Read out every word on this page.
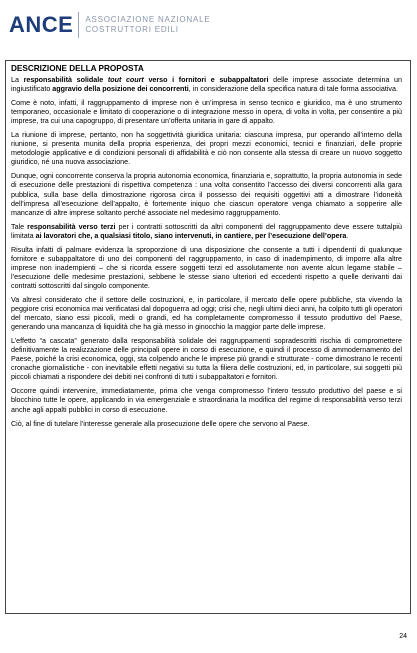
ANCE ASSOCIAZIONE NAZIONALE
COSTRUTTORI EDILI
DESCRIZIONE DELLA PROPOSTA

La responsabilità solidale tout court verso i fornitori e subappaltatori delle imprese associate determina un ingiustificato aggravio della posizione dei concorrenti, in considerazione della specifica natura di tale forma associativa.

Come è noto, infatti, il raggruppamento di imprese non è un’impresa in senso tecnico e giuridico, ma è uno strumento temporaneo, occasionale e limitato di cooperazione o di integrazione messo in opera, di volta in volta, per consentire a più imprese, tra cui una capogruppo, di presentare un’offerta unitaria in gare di appalto.

La riunione di imprese, pertanto, non ha soggettività giuridica unitaria: ciascuna impresa, pur operando all’interno della riunione, si presenta munita della propria esperienza, dei propri mezzi economici, tecnici e finanziari, delle proprie metodologie applicative e di condizioni personali di affidabilità e ciò non consente alla stessa di creare un nuovo soggetto giuridico, né una nuova associazione.

Dunque, ogni concorrente conserva la propria autonomia economica, finanziaria e, soprattutto, la propria autonomia in sede di esecuzione delle prestazioni di rispettiva competenza : una volta consentito l’accesso dei diversi concorrenti alla gara pubblica, sulla base della dimostrazione rigorosa circa il possesso dei requisiti oggettivi atti a dimostrare l’idoneità dell’impresa all’esecuzione dell’appalto, è fortemente iniquo che ciascun operatore venga chiamato a sopperire alle mancanze di altre imprese soltanto perché associate nel medesimo raggruppamento.

Tale responsabilità verso terzi per i contratti sottoscritti da altri componenti del raggruppamento deve essere tuttalpiù limitata ai lavoratori che, a qualsiasi titolo, siano intervenuti, in cantiere, per l’esecuzione dell’opera.

Risulta infatti di palmare evidenza la sproporzione di una disposizione che consente a tutti i dipendenti di qualunque fornitore e subappaltatore di uno dei componenti del raggruppamento, in caso di inadempimento, di imporre alla altre imprese non inadempienti – che si ricorda essere soggetti terzi ed assolutamente non avente alcun legame stabile – l’esecuzione delle medesime prestazioni, sebbene le stesse siano ulteriori ed eccedenti rispetto a quelle derivanti dai contratti sottoscritti dal singolo componente.

Va altresì considerato che il settore delle costruzioni, e, in particolare, il mercato delle opere pubbliche, sta vivendo la peggiore crisi economica mai verificatasi dal dopoguerra ad oggi; crisi che, negli ultimi dieci anni, ha colpito tutti gli operatori del mercato, siano essi piccoli, medi o grandi, ed ha completamente compromesso il tessuto produttivo del Paese, generando una mancanza di liquidità che ha già messo in ginocchio la maggior parte delle imprese.

L’effetto “a cascata” generato dalla responsabilità solidale dei raggruppamenti sopradescritti rischia di compromettere definitivamente la realizzazione delle principali opere in corso di esecuzione, e quindi il processo di ammodernamento del Paese, poiché la crisi economica, oggi, sta colpendo anche le imprese più grandi e strutturate - come dimostrano le recenti cronache giornalistiche - con inevitabile effetti negativi su tutta la filiera delle costruzioni, ed, in particolare, sui soggetti più piccoli chiamati a rispondere dei debiti nei confronti di tutti i subappaltatori e fornitori.

Occorre quindi intervenire, immediatamente, prima che venga compromesso l’intero tessuto produttivo del paese e si blocchino tutte le opere, applicando in via emergenziale e straordinaria la modifica del regime di responsabilità verso terzi anche agli appalti pubblici in corso di esecuzione.

Ciò, al fine di tutelare l’interesse generale alla prosecuzione delle opere che servono al Paese.

24
